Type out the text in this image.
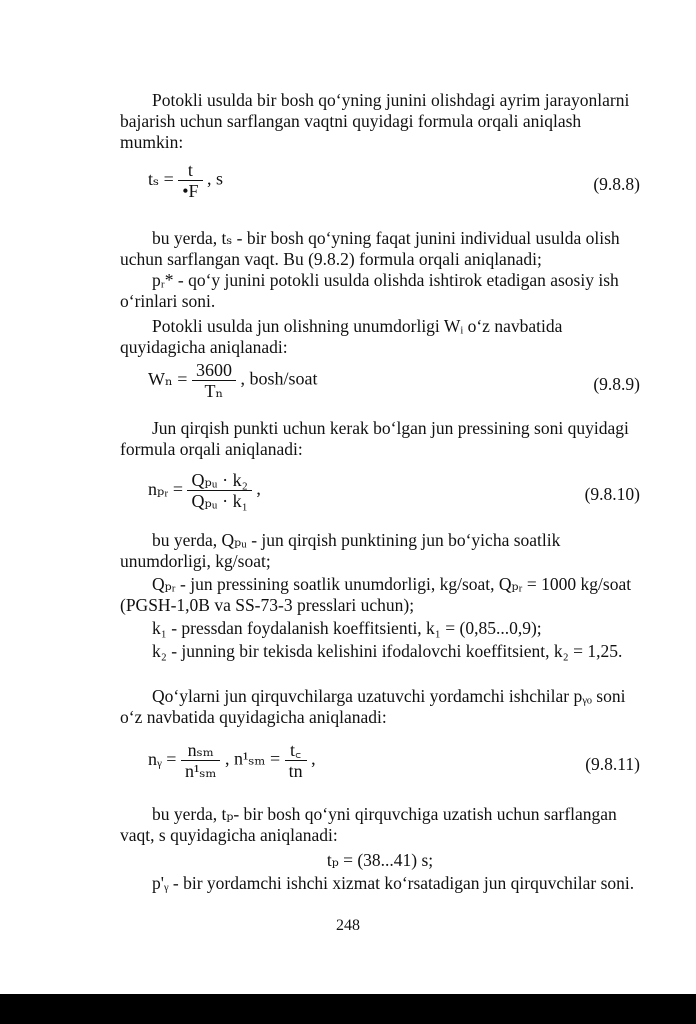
Potokli usulda bir bosh qo‘yning junini olishdagi ayrim jarayonlarni bajarish uchun sarflangan vaqtni quyidagi formula orqali aniqlash mumkin:

$t_s = \frac{t}{•F}$ , s	(9.8.8)

bu yerda, tₛ - bir bosh qo‘yning faqat junini individual usulda olish uchun sarflangan vaqt. Bu (9.8.2) formula orqali aniqlanadi;

pᵣ* - qo‘y junini potokli usulda olishda ishtirok etadigan asosiy ish o‘rinlari soni.

Potokli usulda jun olishning unumdorligi Wᵢ o‘z navbatida quyidagicha aniqlanadi:

$W_n = \frac{3600}{\text{Tₙ}}$ , bosh/soat	(9.8.9)

Jun qirqish punkti uchun kerak bo‘lgan jun pressining soni quyidagi formula orqali aniqlanadi:

nₚᵣ = $\frac{\text{Qₚᵤ · k₂}}{\text{Qₚᵤ · k₁}}$ ,	(9.8.10)

bu yerda, Qₚᵤ - jun qirqish punktining jun bo‘yicha soatlik unumdorligi, kg/soat;

Qₚᵣ - jun pressining soatlik unumdorligi, kg/soat, Qₚᵣ = 1000 kg/soat (PGSH-1,0B va SS-73-3 presslari uchun);

k₁ - pressdan foydalanish koeffitsienti, k₁ = (0,85...0,9);

k₂ - junning bir tekisda kelishini ifodalovchi koeffitsient, k₂ = 1,25.

Qo‘ylarni jun qirquvchilarga uzatuvchi yordamchi ishchilar pᵧₒ soni o‘z navbatida quyidagicha aniqlanadi:

nᵧ = $\frac{\text{nₛₘ}}{\text{n¹ₛₘ}}$ , $n^1_{sm} = \frac{t꜀}{tn}$ ,	(9.8.11)

bu yerda, tₚ- bir bosh qo‘yni qirquvchiga uzatish uchun sarflangan vaqt, s quyidagicha aniqlanadi:

tₚ = (38...41) s;

p'ᵧ - bir yordamchi ishchi xizmat ko‘rsatadigan jun qirquvchilar soni.

248
